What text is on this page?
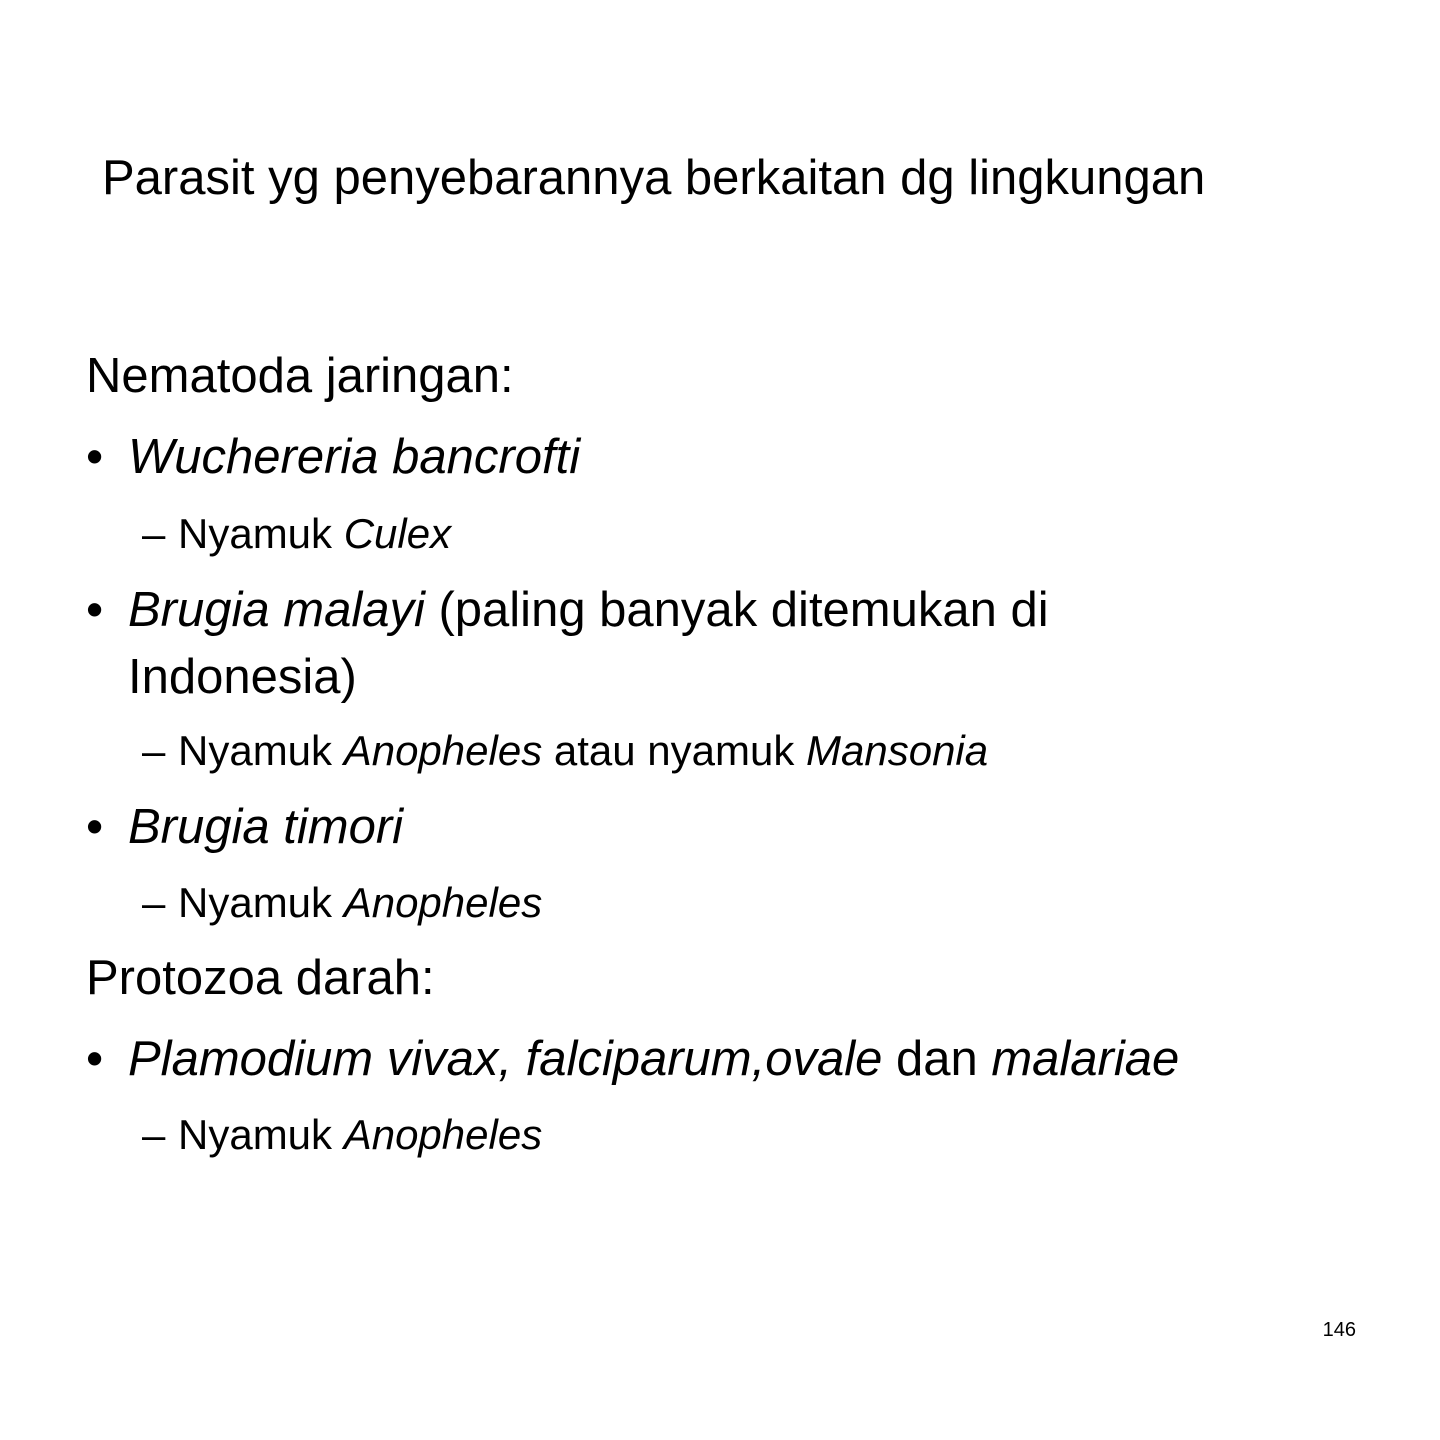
Parasit yg penyebarannya berkaitan dg lingkungan
Nematoda jaringan:
• Wuchereria bancrofti
– Nyamuk Culex
• Brugia malayi (paling banyak ditemukan di
Indonesia)
– Nyamuk Anopheles atau nyamuk Mansonia
• Brugia timori
– Nyamuk Anopheles
Protozoa darah:
• Plamodium vivax, falciparum,ovale dan malariae
– Nyamuk Anopheles
146
